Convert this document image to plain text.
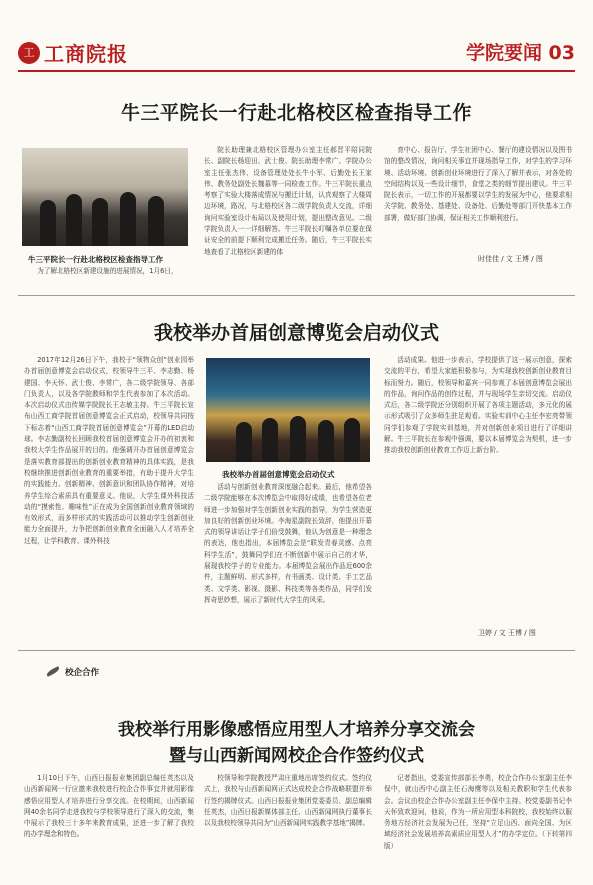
工 工商院报	学院要闻 03
牛三平院长一行赴北格校区检查指导工作
牛三平院长一行赴北格校区检查指导工作

为了解北格校区新建设施的进展情况，1月6日，

院长助理兼北格校区管理办公室主任郝晋平陪同院长、副院长杨迎田、武士俊、院长助理李常广、学院办公室主任张杰伟、设备管理处处长牛小军、后勤处长王家伟、教务处副处长魏慕等一同检查工作。牛三平院长重点考察了实验大楼落成情况与搬迁计划，认真观察了大楼周边环境，路况，与北格校区各二级学院负责人交流，详细询问实验室设计布局以及使用计划，提出整改意见。二级学院负责人一一详细解答。牛三平院长叮嘱各单位要在保证安全的前提下顺利完成搬迁任务。随后，牛三平院长实地查看了北格校区新建的体

育中心、报告厅、学生社团中心、餐厅的建设情况以及图书馆的整改情况，询问相关事宜并现场指导工作，对学生的学习环境、活动环境、创新创业环境进行了深入了解并表示，对各处的空间结构以及一些设计细节，食堂之类的细节提出建议。牛三平院长表示，一切工作的开展都要以学生的发展为中心，他要求相关学院、教务处、基建处、设备处、后勤处等部门开快基本工作部署，做好部门协调，保证相关工作顺利进行。

时佳佳 / 文 王博 / 图
我校举办首届创意博览会启动仪式

2017年12月26日下午，我校于“领物众创”创业园举办首届创意博览会启动仪式，校领导牛三平、李志勤、杨建国、李天怀、武士俊、李常广，各二级学院领导、各部门负责人，以及各学院教师和学生代表参加了本次活动。本次启动仪式由传媒学院院长王志敏主持。牛三平院长宣布山西工商学院首届创意博览会正式启动，校领导共同按下标志着“山西工商学院首届创意博览会”开幕的LED启动球。李志勤副校长回顾我校首届创意博览会开办的初衷和我校大学生作品展开的目的。他强调开办首届创意博览会是落实教育部提出的创新创业教育精神的具体实践，是我校继续推进创新创业教育的重要举措，有助于提升大学生的实践能力、创新精神、创新意识和团队协作精神，对培养学生综合素质具有重要意义。他说，大学生课外科技活动的“摸索性、趣味性”正在成为全国创新创业教育领域的有效形式，而多样形式的实践活动可以推动学生创新创业能力全面提升，力争把创新创业教育全面融入人才培养全过程，让学科教育、课外科技

我校举办首届创意博览会启动仪式

活动与创新创业教育深度融合起来。最后，他希望各二级学院能够在本次博览会中取得好成绩，也希望各位老师进一步加强对学生创新创业实践的指导，为学生营造更加良好的创新创业环境。李海星副院长致辞，他提出开幕式的领导讲话让学子们倍受鼓舞，他认为创意是一种理念的表达，他也指出，本届博览会是“联发青春灵感、点亮科学生活”，鼓舞同学们在不断创新中展示自己的才华，展现我校学子的专业能力。本届博览会展出作品近600余件，主题鲜明、形式多样，有书画类、设计类、手工艺品类、文学类、影视、摄影、科技类等各类作品，同学们发挥奇思妙想，展示了新时代大学生的风采。

活动成果。他进一步表示，学校提供了这一展示创意，探索交流的平台，希望大家能积极参与，为实现我校创新创业教育目标而努力。随后，校领导和嘉宾一同参观了本届创意博览会展出的作品，询问作品的创作过程，并与现场学生亲切交流。启动仪式后，各二级学院还分别组织开展了各项主题活动，多元化的展示形式吸引了众多师生驻足观看。实验实训中心主任李宏亮带领同学们参观了学院实训基地，并对创新创业项目进行了详细讲解。牛三平院长在参观中强调，要以本届博览会为契机，进一步推动我校创新创业教育工作迈上新台阶。

卫婷 / 文 王博 / 图
校企合作
我校举行用影像感悟应用型人才培养分享交流会
暨与山西新闻网校企合作签约仪式

1月10日下午，山西日报报业集团副总编任英杰以及山西新闻网一行应邀来我校进行校企合作事宜并就用影像感悟应用型人才培养进行分享交流。在校期间，山西新闻网40余名同学走进我校与学校领导进行了深入的交流，集中展示了我校三十多年来教育成果，还进一步了解了我校的办学理念和特色。

校领导和学院教授严肃庄重地出席签约仪式。签约仪式上，我校与山西新闻网正式达成校企合作战略联盟并举行签约揭牌仪式。山西日报报业集团党委委员、副总编辑任英杰，山西日报新媒体部主任、山西新闻网执行董事长以及我校校领导共同为“山西新闻网实践教学基地”揭牌。

记者指出，党委宣传部部长李勇，校企合作办公室副主任李保中，就山西中心副主任石海鹰等以及相关教职和学生代表参会。会议由校企合作办公室副主任李保中主持。校党委副书记李天怀致欢迎词，他说，作为一所应用型本科院校，我校始终以服务地方经济社会发展为己任，坚持“立足山西、面向全国、为区域经济社会发展培养高素质应用型人才”的办学定位。（下转第四版）
